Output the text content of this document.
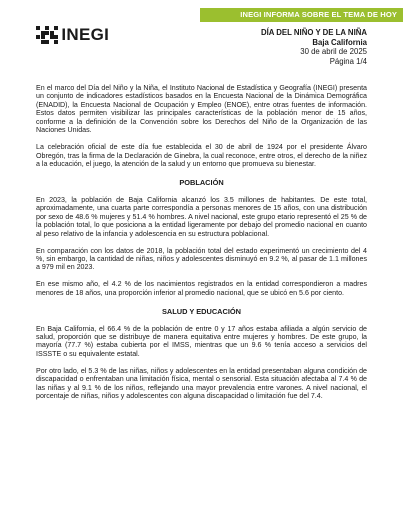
INEGI INFORMA SOBRE EL TEMA DE HOY
INEGI	DÍA DEL NIÑO Y DE LA NIÑA
Baja California
30 de abril de 2025
Página 1/4

En el marco del Día del Niño y la Niña, el Instituto Nacional de Estadística y Geografía (INEGI) presenta un conjunto de indicadores estadísticos basados en la Encuesta Nacional de la Dinámica Demográfica (ENADID), la Encuesta Nacional de Ocupación y Empleo (ENOE), entre otras fuentes de información. Estos datos permiten visibilizar las principales características de la población menor de 15 años, conforme a la definición de la Convención sobre los Derechos del Niño de la Organización de las Naciones Unidas.

La celebración oficial de este día fue establecida el 30 de abril de 1924 por el presidente Álvaro Obregón, tras la firma de la Declaración de Ginebra, la cual reconoce, entre otros, el derecho de la niñez a la educación, el juego, la atención de la salud y un entorno que promueva su bienestar.

POBLACIÓN

En 2023, la población de Baja California alcanzó los 3.5 millones de habitantes. De este total, aproximadamente, una cuarta parte correspondía a personas menores de 15 años, con una distribución por sexo de 48.6 % mujeres y 51.4 % hombres. A nivel nacional, este grupo etario representó el 25 % de la población total, lo que posiciona a la entidad ligeramente por debajo del promedio nacional en cuanto al peso relativo de la infancia y adolescencia en su estructura poblacional.

En comparación con los datos de 2018, la población total del estado experimentó un crecimiento del 4 %, sin embargo, la cantidad de niñas, niños y adolescentes disminuyó en 9.2 %, al pasar de 1.1 millones a 979 mil en 2023.

En ese mismo año, el 4.2 % de los nacimientos registrados en la entidad correspondieron a madres menores de 18 años, una proporción inferior al promedio nacional, que se ubicó en 5.6 por ciento.

SALUD Y EDUCACIÓN

En Baja California, el 66.4 % de la población de entre 0 y 17 años estaba afiliada a algún servicio de salud, proporción que se distribuye de manera equitativa entre mujeres y hombres. De este grupo, la mayoría (77.7 %) estaba cubierta por el IMSS, mientras que un 9.6 % tenía acceso a servicios del ISSSTE o su equivalente estatal.

Por otro lado, el 5.3 % de las niñas, niños y adolescentes en la entidad presentaban alguna condición de discapacidad o enfrentaban una limitación física, mental o sensorial. Esta situación afectaba al 7.4 % de las niñas y al 9.1 % de los niños, reflejando una mayor prevalencia entre varones. A nivel nacional, el porcentaje de niñas, niños y adolescentes con alguna discapacidad o limitación fue del 7.4.
